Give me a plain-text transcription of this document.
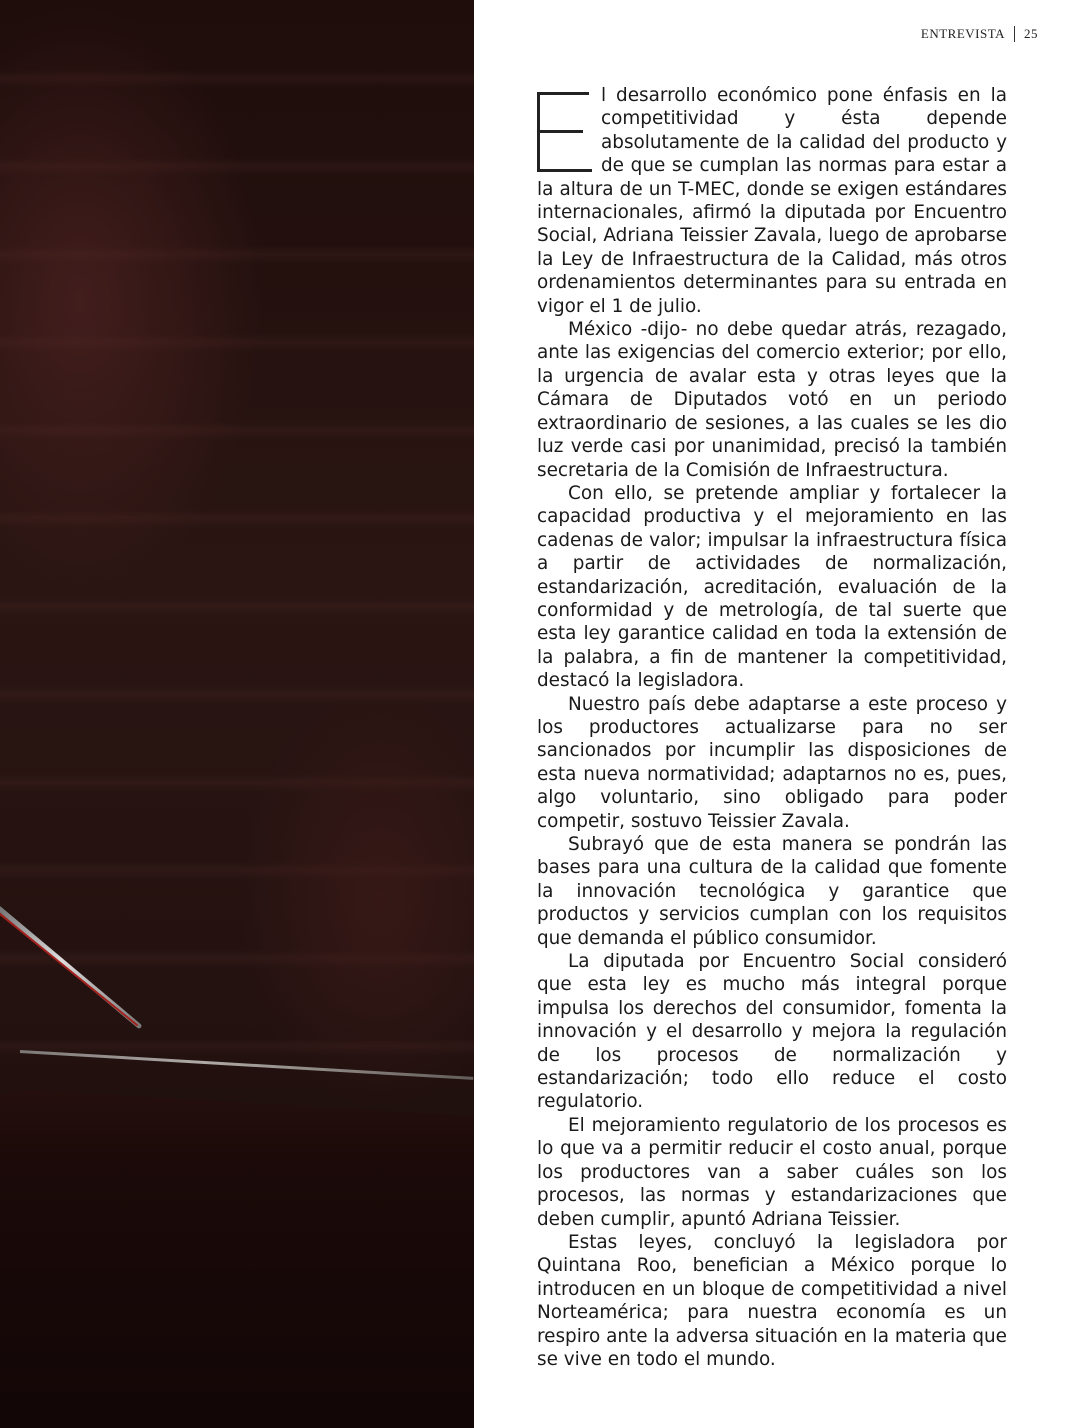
ENTREVISTA 25

l desarrollo económico pone énfasis en la competitividad y ésta depende absolutamente de la calidad del producto y de que se cumplan las normas para estar a la altura de un T-MEC, donde se exigen estándares internacionales, afirmó la diputada por Encuentro Social, Adriana Teissier Zavala, luego de aprobarse la Ley de Infraestructura de la Calidad, más otros ordenamientos determinantes para su entrada en vigor el 1 de julio.

México -dijo- no debe quedar atrás, rezagado, ante las exigencias del comercio exterior; por ello, la urgencia de avalar esta y otras leyes que la Cámara de Diputados votó en un periodo extraordinario de sesiones, a las cuales se les dio luz verde casi por unanimidad, precisó la también secretaria de la Comisión de Infraestructura.

Con ello, se pretende ampliar y fortalecer la capacidad productiva y el mejoramiento en las cadenas de valor; impulsar la infraestructura física a partir de actividades de normalización, estandarización, acreditación, evaluación de la conformidad y de metrología, de tal suerte que esta ley garantice calidad en toda la extensión de la palabra, a fin de mantener la competitividad, destacó la legisladora.

Nuestro país debe adaptarse a este proceso y los productores actualizarse para no ser sancionados por incumplir las disposiciones de esta nueva normatividad; adaptarnos no es, pues, algo voluntario, sino obligado para poder competir, sostuvo Teissier Zavala.

Subrayó que de esta manera se pondrán las bases para una cultura de la calidad que fomente la innovación tecnológica y garantice que productos y servicios cumplan con los requisitos que demanda el público consumidor.

La diputada por Encuentro Social consideró que esta ley es mucho más integral porque impulsa los derechos del consumidor, fomenta la innovación y el desarrollo y mejora la regulación de los procesos de normalización y estandarización; todo ello reduce el costo regulatorio.

El mejoramiento regulatorio de los procesos es lo que va a permitir reducir el costo anual, porque los productores van a saber cuáles son los procesos, las normas y estandarizaciones que deben cumplir, apuntó Adriana Teissier.

Estas leyes, concluyó la legisladora por Quintana Roo, benefician a México porque lo introducen en un bloque de competitividad a nivel Norteamérica; para nuestra economía es un respiro ante la adversa situación en la materia que se vive en todo el mundo.
